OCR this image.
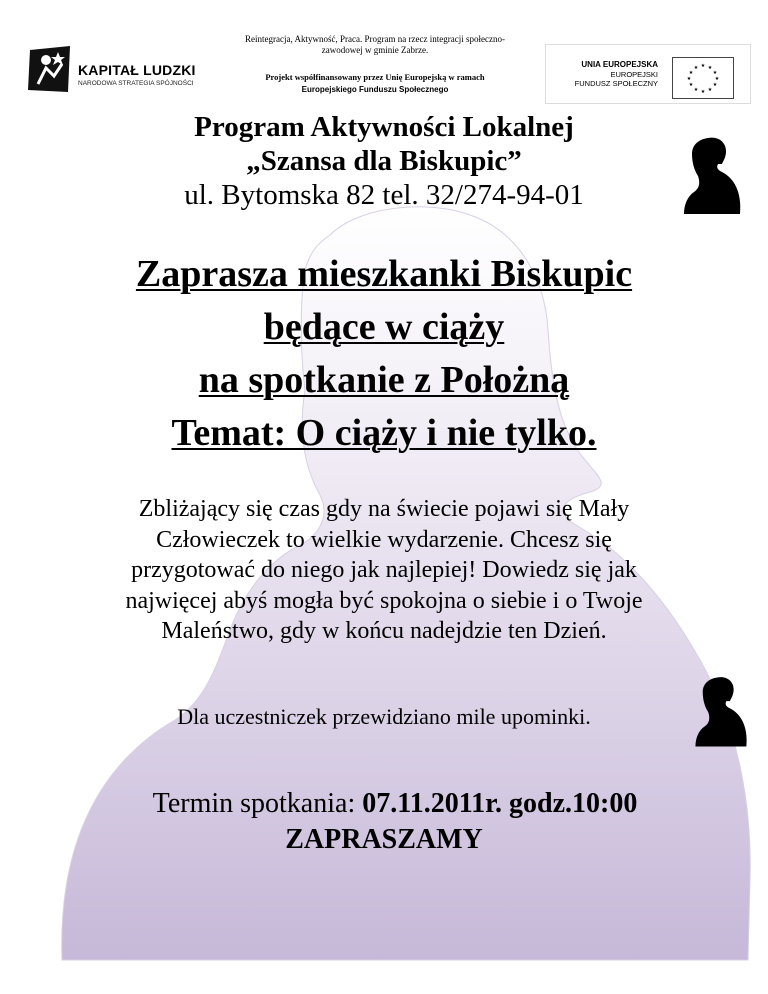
KAPITAŁ LUDZKI
NARODOWA STRATEGIA SPÓJNOŚCI
Reintegracja, Aktywność, Praca. Program na rzecz integracji społeczno-zawodowej w gminie Zabrze.
Projekt współfinansowany przez Unię Europejską w ramach
Europejskiego Funduszu Społecznego
UNIA EUROPEJSKA
EUROPEJSKI
FUNDUSZ SPOŁECZNY
★ ★
★
★
★
★
★
★
★
★
★
★
Program Aktywności Lokalnej
„Szansa dla Biskupic”
ul. Bytomska 82 tel. 32/274-94-01
Zaprasza mieszkanki Biskupic
będące w ciąży
na spotkanie z Położną
Temat: O ciąży i nie tylko.
Zbliżający się czas gdy na świecie pojawi się Mały
Człowieczek to wielkie wydarzenie. Chcesz się
przygotować do niego jak najlepiej! Dowiedz się jak
najwięcej abyś mogła być spokojna o siebie i o Twoje
Maleństwo, gdy w końcu nadejdzie ten Dzień.
Dla uczestniczek przewidziano mile upominki.
Termin spotkania: 07.11.2011r. godz.10:00
ZAPRASZAMY
